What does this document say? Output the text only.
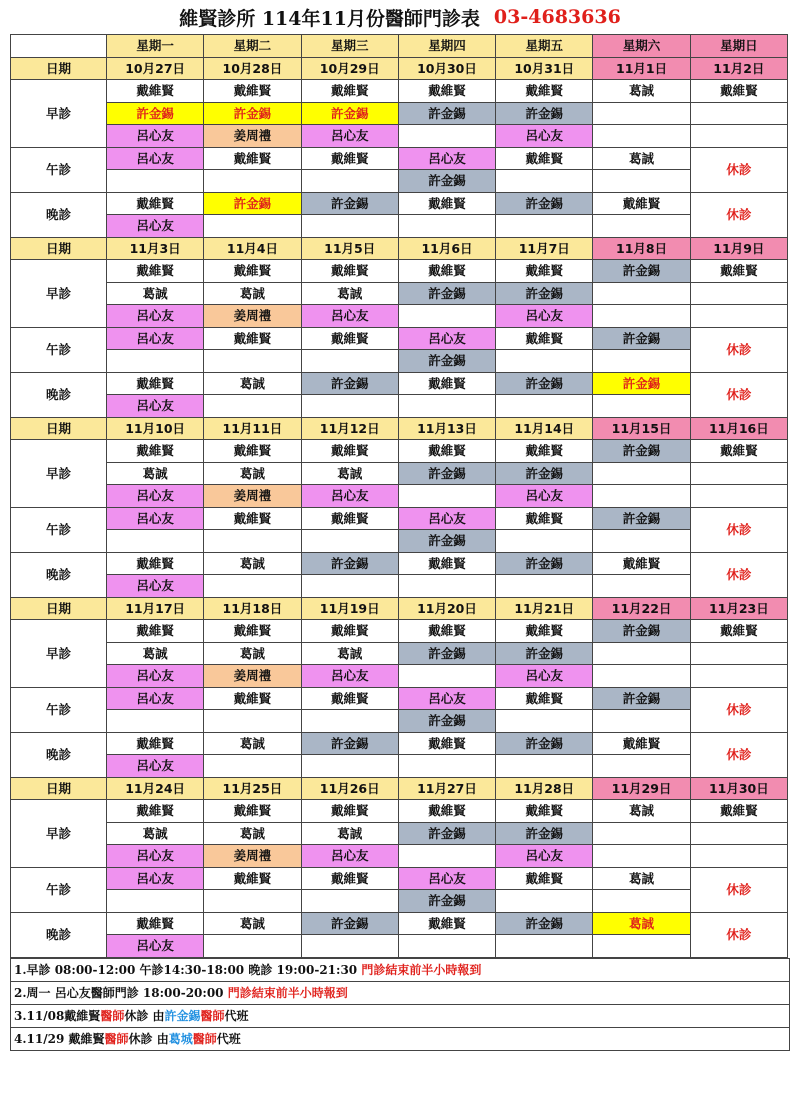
維賢診所 114年11月份醫師門診表 03-4683636
	星期一	星期二	星期三	星期四	星期五	星期六	星期日
日期	10月27日	10月28日	10月29日	10月30日	10月31日	11月1日	11月2日
早診	戴維賢	戴維賢	戴維賢	戴維賢	戴維賢	葛誠	戴維賢
	許金錫	許金錫	許金錫	許金錫	許金錫		
	呂心友	姜周禮	呂心友		呂心友		
午診	呂心友	戴維賢	戴維賢	呂心友	戴維賢	葛誠	休診
				許金錫			
晚診	戴維賢	許金錫	許金錫	戴維賢	許金錫	戴維賢	休診
	呂心友						
日期	11月3日	11月4日	11月5日	11月6日	11月7日	11月8日	11月9日
早診	戴維賢	戴維賢	戴維賢	戴維賢	戴維賢	許金錫	戴維賢
	葛誠	葛誠	葛誠	許金錫	許金錫		
	呂心友	姜周禮	呂心友		呂心友		
午診	呂心友	戴維賢	戴維賢	呂心友	戴維賢	許金錫	休診
				許金錫			
晚診	戴維賢	葛誠	許金錫	戴維賢	許金錫	許金錫	休診
	呂心友						
日期	11月10日	11月11日	11月12日	11月13日	11月14日	11月15日	11月16日
早診	戴維賢	戴維賢	戴維賢	戴維賢	戴維賢	許金錫	戴維賢
	葛誠	葛誠	葛誠	許金錫	許金錫		
	呂心友	姜周禮	呂心友		呂心友		
午診	呂心友	戴維賢	戴維賢	呂心友	戴維賢	許金錫	休診
				許金錫			
晚診	戴維賢	葛誠	許金錫	戴維賢	許金錫	戴維賢	休診
	呂心友						
日期	11月17日	11月18日	11月19日	11月20日	11月21日	11月22日	11月23日
早診	戴維賢	戴維賢	戴維賢	戴維賢	戴維賢	許金錫	戴維賢
	葛誠	葛誠	葛誠	許金錫	許金錫		
	呂心友	姜周禮	呂心友		呂心友		
午診	呂心友	戴維賢	戴維賢	呂心友	戴維賢	許金錫	休診
				許金錫			
晚診	戴維賢	葛誠	許金錫	戴維賢	許金錫	戴維賢	休診
	呂心友						
日期	11月24日	11月25日	11月26日	11月27日	11月28日	11月29日	11月30日
早診	戴維賢	戴維賢	戴維賢	戴維賢	戴維賢	葛誠	戴維賢
	葛誠	葛誠	葛誠	許金錫	許金錫		
	呂心友	姜周禮	呂心友		呂心友		
午診	呂心友	戴維賢	戴維賢	呂心友	戴維賢	葛誠	休診
				許金錫			
晚診	戴維賢	葛誠	許金錫	戴維賢	許金錫	葛誠	休診
	呂心友						
1.早診 08:00-12:00 午診14:30-18:00 晚診 19:00-21:30 門診結束前半小時報到
2.周一 呂心友醫師門診 18:00-20:00 門診結束前半小時報到
3.11/08戴維賢醫師休診 由許金錫醫師代班
4.11/29 戴維賢醫師休診 由葛城醫師代班
